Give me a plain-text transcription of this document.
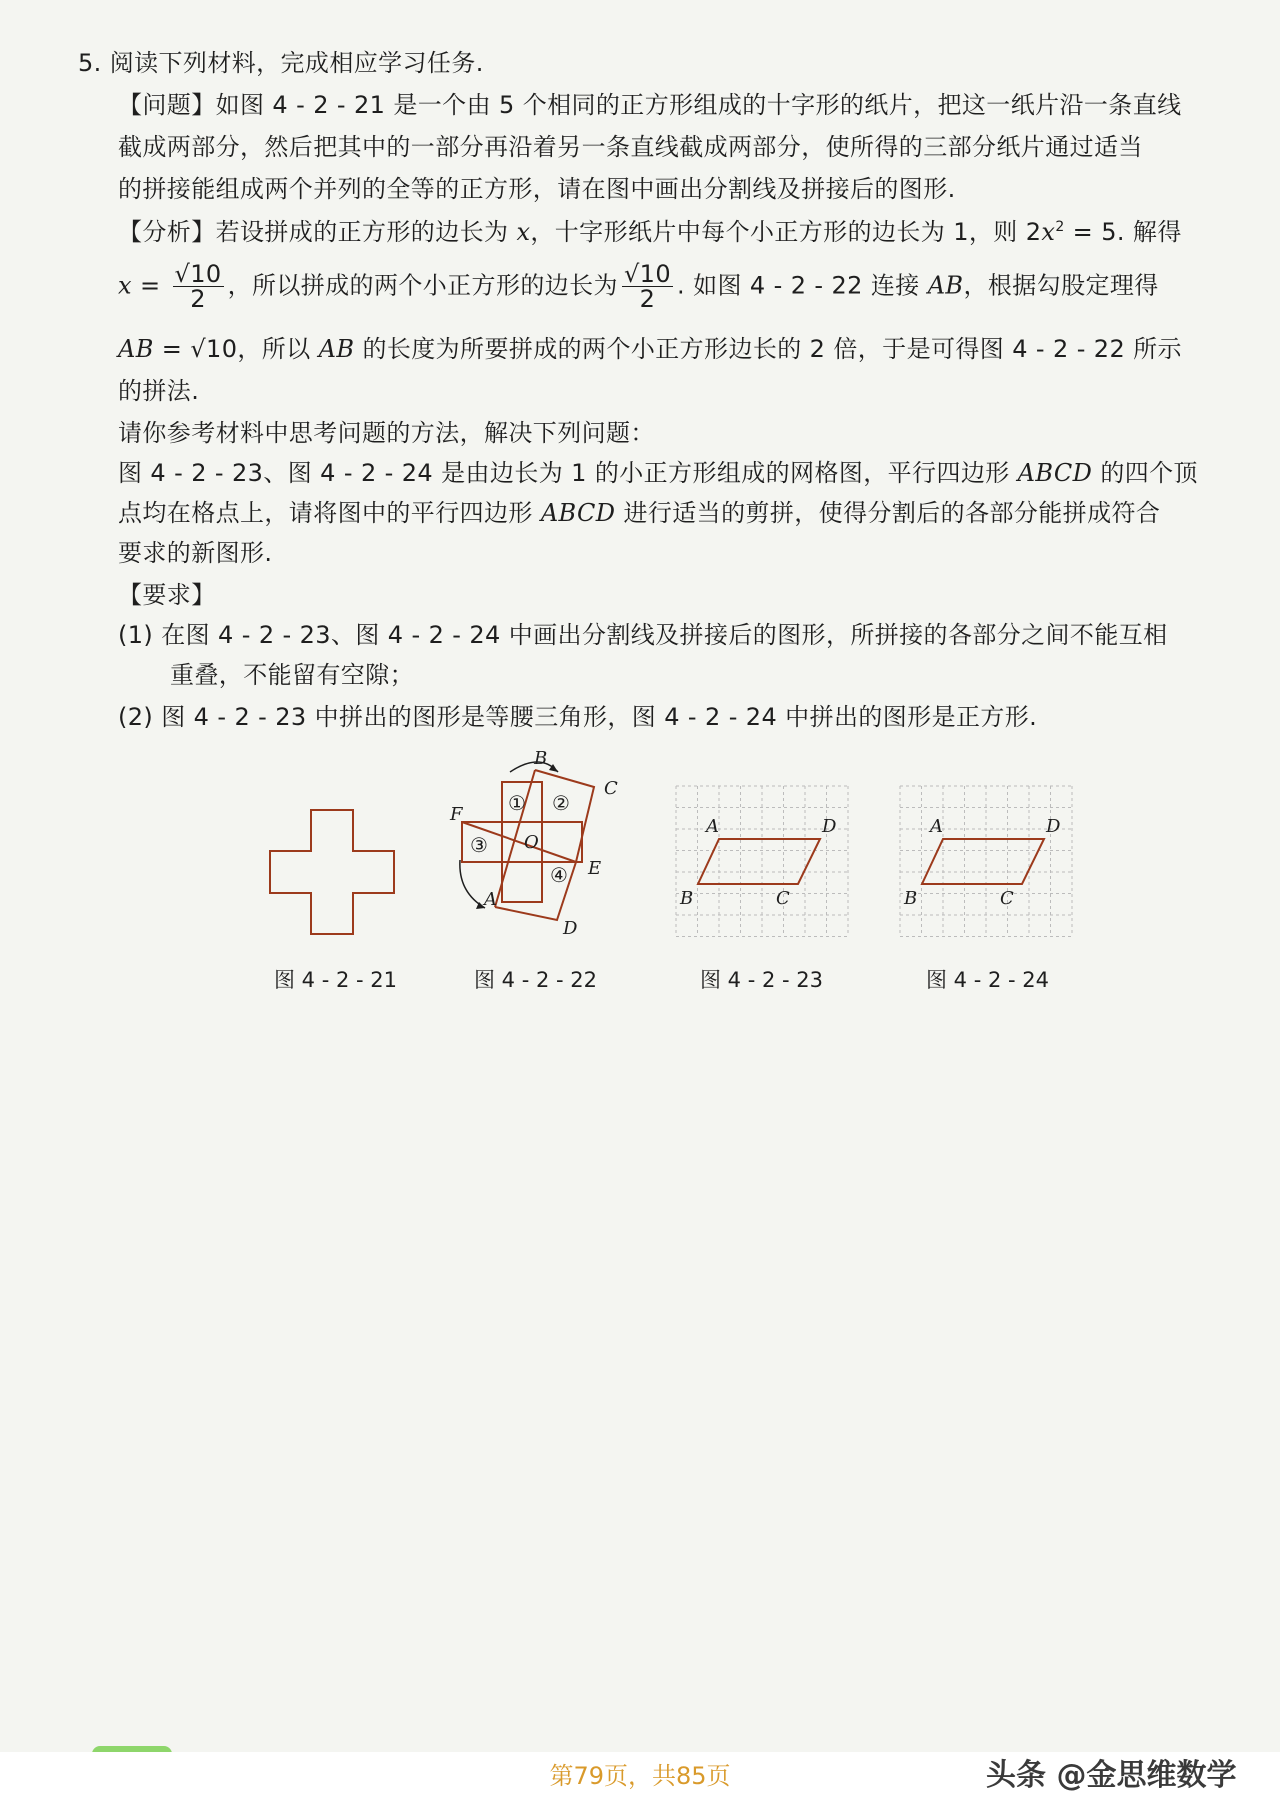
5. 阅读下列材料，完成相应学习任务.
【问题】如图 4 - 2 - 21 是一个由 5 个相同的正方形组成的十字形的纸片，把这一纸片沿一条直线
截成两部分，然后把其中的一部分再沿着另一条直线截成两部分，使所得的三部分纸片通过适当
的拼接能组成两个并列的全等的正方形，请在图中画出分割线及拼接后的图形.
【分析】若设拼成的正方形的边长为 x，十字形纸片中每个小正方形的边长为 1，则 $2x^2 = 5$. 解得
$x = \frac{√10}{2}$ ，所以拼成的两个小正方形的边长为 $\frac{√10}{2}$ . 如图 4 - 2 - 22 连接 AB，根据勾股定理得
AB = √10，所以 AB 的长度为所要拼成的两个小正方形边长的 2 倍，于是可得图 4 - 2 - 22 所示
的拼法.
请你参考材料中思考问题的方法，解决下列问题：
图 4 - 2 - 23、图 4 - 2 - 24 是由边长为 1 的小正方形组成的网格图，平行四边形 ABCD 的四个顶
点均在格点上，请将图中的平行四边形 ABCD 进行适当的剪拼，使得分割后的各部分能拼成符合
要求的新图形.
【要求】
(1) 在图 4 - 2 - 23、图 4 - 2 - 24 中画出分割线及拼接后的图形，所拼接的各部分之间不能互相
重叠，不能留有空隙；
(2) 图 4 - 2 - 23 中拼出的图形是等腰三角形，图 4 - 2 - 24 中拼出的图形是正方形.
图 4 - 2 - 21
B
C
F
O
E
A
D
① ②
③
④
图 4 - 2 - 22
A	D
B	C
图 4 - 2 - 23
A	D
B	C
图 4 - 2 - 24
第79页，共85页	头条 @金思维数学
